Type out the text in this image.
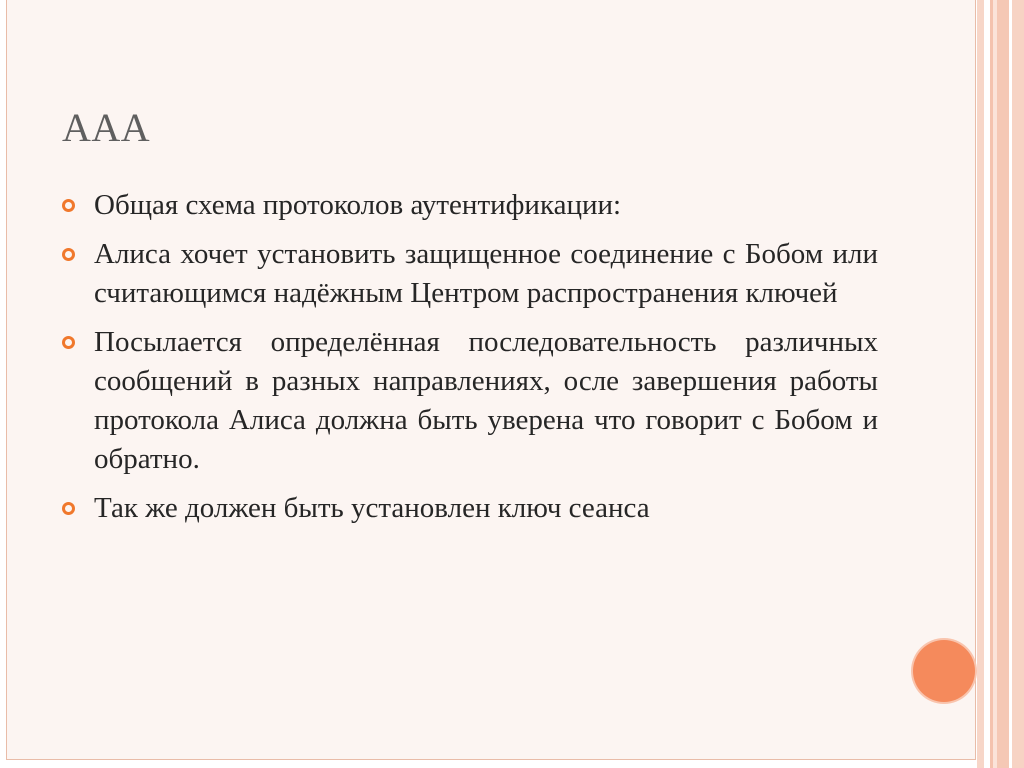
AAA
Общая схема протоколов аутентификации:
Алиса хочет установить защищенное соединение с Бобом или считающимся надёжным Центром распространения ключей
Посылается определённая последовательность различных сообщений в разных направлениях, осле завершения работы протокола Алиса должна быть уверена что говорит с Бобом и обратно.
Так же должен быть установлен ключ сеанса
